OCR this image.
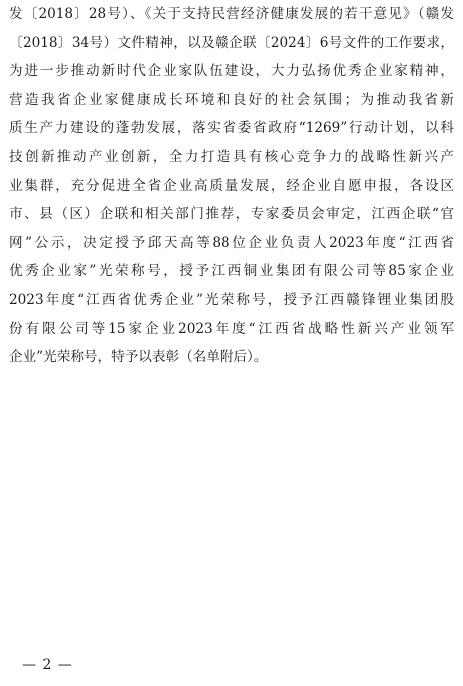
发〔2018〕28号）、《关于支持民营经济健康发展的若干意见》（赣发
〔2018〕34号）文件精神，以及赣企联〔2024〕6号文件的工作要求，
为进一步推动新时代企业家队伍建设，大力弘扬优秀企业家精神，
营造我省企业家健康成长环境和良好的社会氛围；为推动我省新
质生产力建设的蓬勃发展，落实省委省政府“1269”行动计划，以科
技创新推动产业创新，全力打造具有核心竞争力的战略性新兴产
业集群，充分促进全省企业高质量发展，经企业自愿申报，各设区
市、县（区）企联和相关部门推荐，专家委员会审定，江西企联“官
网”公示，决定授予邱天高等88位企业负责人2023年度“江西省
优秀企业家”光荣称号，授予江西铜业集团有限公司等85家企业
2023年度“江西省优秀企业”光荣称号，授予江西赣锋锂业集团股
份有限公司等15家企业2023年度“江西省战略性新兴产业领军
企业”光荣称号，特予以表彰（名单附后）。
— 2 —
